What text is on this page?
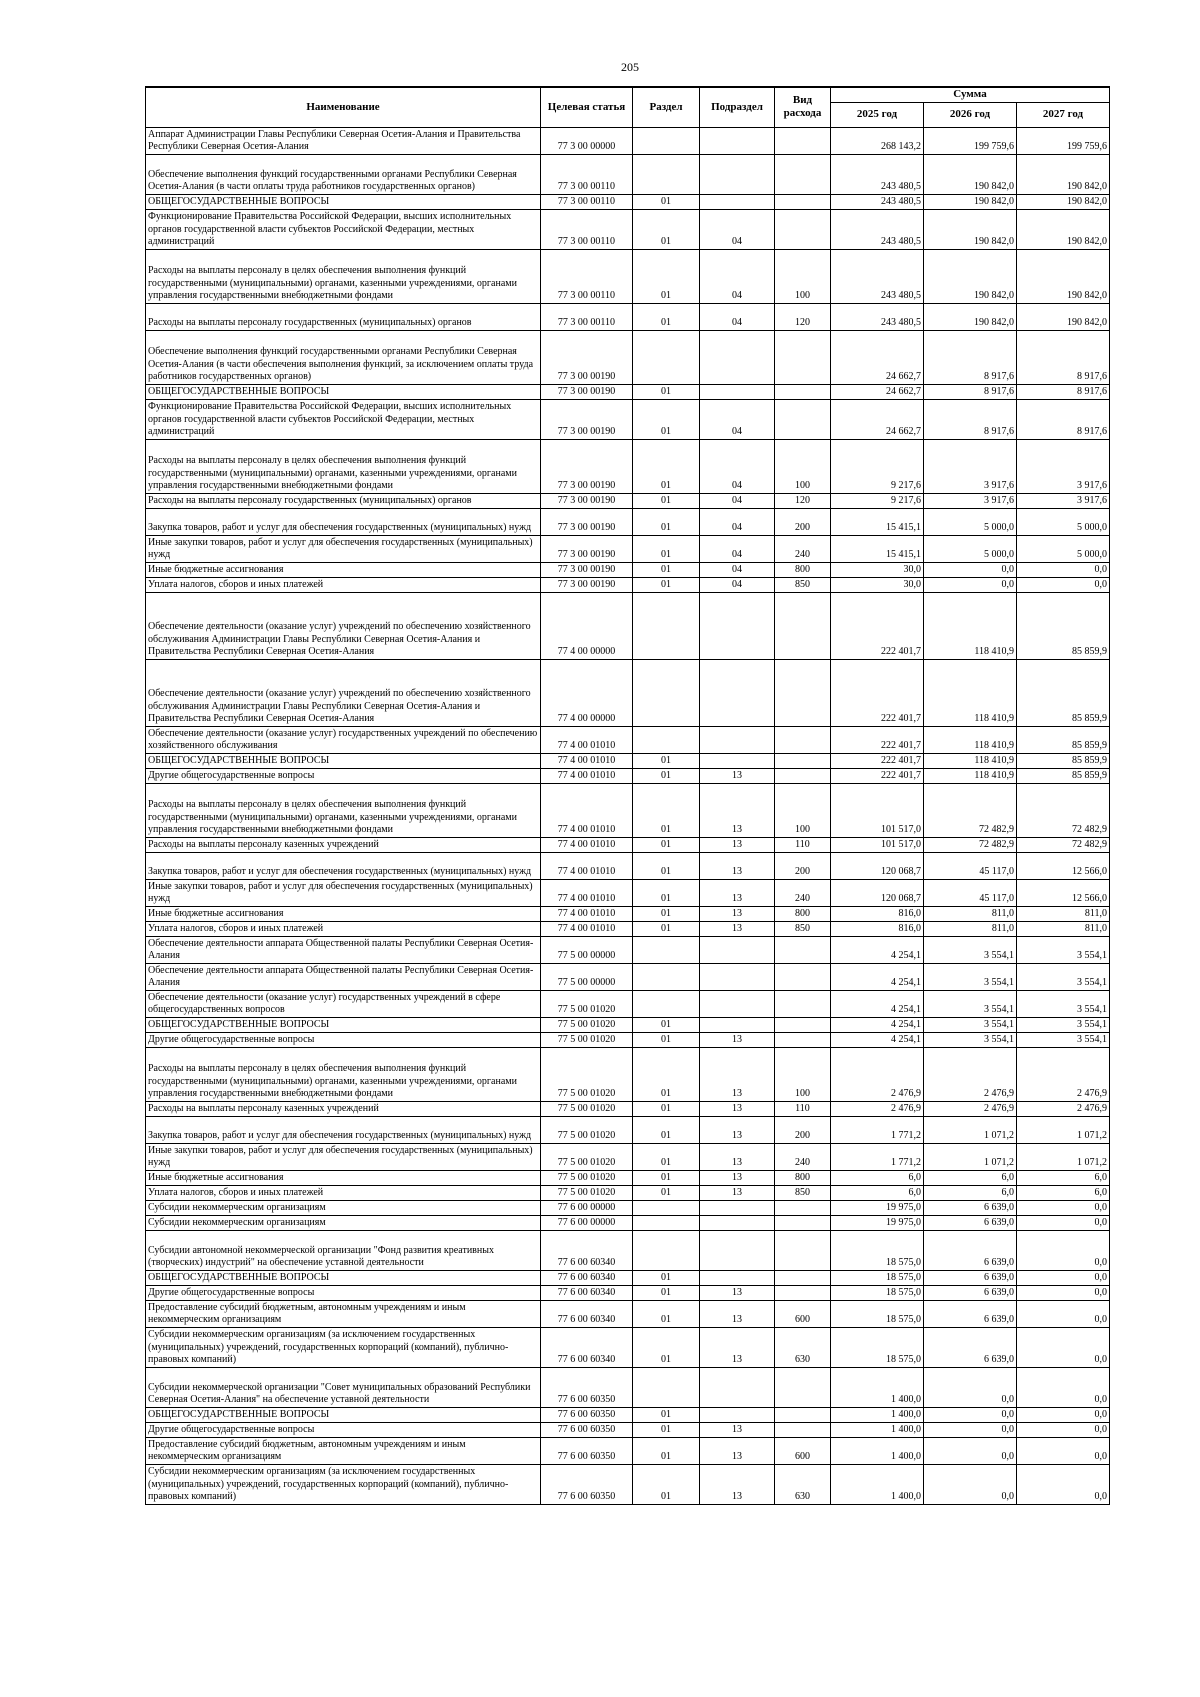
205
Наименование	Целевая статья	Раздел	Подраздел	Вид расхода	Сумма		
					2025 год	2026 год	2027 год
Аппарат Администрации Главы Республики Северная Осетия-Алания и Правительства Республики Северная Осетия-Алания	77 3 00 00000				268 143,2	199 759,6	199 759,6
Обеспечение выполнения функций государственными органами Республики Северная Осетия-Алания (в части оплаты труда работников государственных органов)	77 3 00 00110				243 480,5	190 842,0	190 842,0
ОБЩЕГОСУДАРСТВЕННЫЕ ВОПРОСЫ	77 3 00 00110	01			243 480,5	190 842,0	190 842,0
Функционирование Правительства Российской Федерации, высших исполнительных органов государственной власти субъектов Российской Федерации, местных администраций	77 3 00 00110	01	04		243 480,5	190 842,0	190 842,0
Расходы на выплаты персоналу в целях обеспечения выполнения функций государственными (муниципальными) органами, казенными учреждениями, органами управления государственными внебюджетными фондами	77 3 00 00110	01	04	100	243 480,5	190 842,0	190 842,0
Расходы на выплаты персоналу государственных (муниципальных) органов	77 3 00 00110	01	04	120	243 480,5	190 842,0	190 842,0
Обеспечение выполнения функций государственными органами Республики Северная Осетия-Алания (в части обеспечения выполнения функций, за исключением оплаты труда работников государственных органов)	77 3 00 00190				24 662,7	8 917,6	8 917,6
ОБЩЕГОСУДАРСТВЕННЫЕ ВОПРОСЫ	77 3 00 00190	01			24 662,7	8 917,6	8 917,6
Функционирование Правительства Российской Федерации, высших исполнительных органов государственной власти субъектов Российской Федерации, местных администраций	77 3 00 00190	01	04		24 662,7	8 917,6	8 917,6
Расходы на выплаты персоналу в целях обеспечения выполнения функций государственными (муниципальными) органами, казенными учреждениями, органами управления государственными внебюджетными фондами	77 3 00 00190	01	04	100	9 217,6	3 917,6	3 917,6
Расходы на выплаты персоналу государственных (муниципальных) органов	77 3 00 00190	01	04	120	9 217,6	3 917,6	3 917,6
Закупка товаров, работ и услуг для обеспечения государственных (муниципальных) нужд	77 3 00 00190	01	04	200	15 415,1	5 000,0	5 000,0
Иные закупки товаров, работ и услуг для обеспечения государственных (муниципальных) нужд	77 3 00 00190	01	04	240	15 415,1	5 000,0	5 000,0
Иные бюджетные ассигнования	77 3 00 00190	01	04	800	30,0	0,0	0,0
Уплата налогов, сборов и иных платежей	77 3 00 00190	01	04	850	30,0	0,0	0,0
Обеспечение деятельности (оказание услуг) учреждений по обеспечению хозяйственного обслуживания Администрации Главы Республики Северная Осетия-Алания и Правительства Республики Северная Осетия-Алания	77 4 00 00000				222 401,7	118 410,9	85 859,9
Обеспечение деятельности (оказание услуг) учреждений по обеспечению хозяйственного обслуживания Администрации Главы Республики Северная Осетия-Алания и Правительства Республики Северная Осетия-Алания	77 4 00 00000				222 401,7	118 410,9	85 859,9
Обеспечение деятельности (оказание услуг) государственных учреждений по обеспечению хозяйственного обслуживания	77 4 00 01010				222 401,7	118 410,9	85 859,9
ОБЩЕГОСУДАРСТВЕННЫЕ ВОПРОСЫ	77 4 00 01010	01			222 401,7	118 410,9	85 859,9
Другие общегосударственные вопросы	77 4 00 01010	01	13		222 401,7	118 410,9	85 859,9
Расходы на выплаты персоналу в целях обеспечения выполнения функций государственными (муниципальными) органами, казенными учреждениями, органами управления государственными внебюджетными фондами	77 4 00 01010	01	13	100	101 517,0	72 482,9	72 482,9
Расходы на выплаты персоналу казенных учреждений	77 4 00 01010	01	13	110	101 517,0	72 482,9	72 482,9
Закупка товаров, работ и услуг для обеспечения государственных (муниципальных) нужд	77 4 00 01010	01	13	200	120 068,7	45 117,0	12 566,0
Иные закупки товаров, работ и услуг для обеспечения государственных (муниципальных) нужд	77 4 00 01010	01	13	240	120 068,7	45 117,0	12 566,0
Иные бюджетные ассигнования	77 4 00 01010	01	13	800	816,0	811,0	811,0
Уплата налогов, сборов и иных платежей	77 4 00 01010	01	13	850	816,0	811,0	811,0
Обеспечение деятельности аппарата Общественной палаты Республики Северная Осетия-Алания	77 5 00 00000				4 254,1	3 554,1	3 554,1
Обеспечение деятельности аппарата Общественной палаты Республики Северная Осетия-Алания	77 5 00 00000				4 254,1	3 554,1	3 554,1
Обеспечение деятельности (оказание услуг) государственных учреждений в сфере общегосударственных вопросов	77 5 00 01020				4 254,1	3 554,1	3 554,1
ОБЩЕГОСУДАРСТВЕННЫЕ ВОПРОСЫ	77 5 00 01020	01			4 254,1	3 554,1	3 554,1
Другие общегосударственные вопросы	77 5 00 01020	01	13		4 254,1	3 554,1	3 554,1
Расходы на выплаты персоналу в целях обеспечения выполнения функций государственными (муниципальными) органами, казенными учреждениями, органами управления государственными внебюджетными фондами	77 5 00 01020	01	13	100	2 476,9	2 476,9	2 476,9
Расходы на выплаты персоналу казенных учреждений	77 5 00 01020	01	13	110	2 476,9	2 476,9	2 476,9
Закупка товаров, работ и услуг для обеспечения государственных (муниципальных) нужд	77 5 00 01020	01	13	200	1 771,2	1 071,2	1 071,2
Иные закупки товаров, работ и услуг для обеспечения государственных (муниципальных) нужд	77 5 00 01020	01	13	240	1 771,2	1 071,2	1 071,2
Иные бюджетные ассигнования	77 5 00 01020	01	13	800	6,0	6,0	6,0
Уплата налогов, сборов и иных платежей	77 5 00 01020	01	13	850	6,0	6,0	6,0
Субсидии некоммерческим организациям	77 6 00 00000				19 975,0	6 639,0	0,0
Субсидии некоммерческим организациям	77 6 00 00000				19 975,0	6 639,0	0,0
Субсидии автономной некоммерческой организации "Фонд развития креативных (творческих) индустрий" на обеспечение уставной деятельности	77 6 00 60340				18 575,0	6 639,0	0,0
ОБЩЕГОСУДАРСТВЕННЫЕ ВОПРОСЫ	77 6 00 60340	01			18 575,0	6 639,0	0,0
Другие общегосударственные вопросы	77 6 00 60340	01	13		18 575,0	6 639,0	0,0
Предоставление субсидий бюджетным, автономным учреждениям и иным некоммерческим организациям	77 6 00 60340	01	13	600	18 575,0	6 639,0	0,0
Субсидии некоммерческим организациям (за исключением государственных (муниципальных) учреждений, государственных корпораций (компаний), публично-правовых компаний)	77 6 00 60340	01	13	630	18 575,0	6 639,0	0,0
Субсидии некоммерческой организации "Совет муниципальных образований Республики Северная Осетия-Алания" на обеспечение уставной деятельности	77 6 00 60350				1 400,0	0,0	0,0
ОБЩЕГОСУДАРСТВЕННЫЕ ВОПРОСЫ	77 6 00 60350	01			1 400,0	0,0	0,0
Другие общегосударственные вопросы	77 6 00 60350	01	13		1 400,0	0,0	0,0
Предоставление субсидий бюджетным, автономным учреждениям и иным некоммерческим организациям	77 6 00 60350	01	13	600	1 400,0	0,0	0,0
Субсидии некоммерческим организациям (за исключением государственных (муниципальных) учреждений, государственных корпораций (компаний), публично-правовых компаний)	77 6 00 60350	01	13	630	1 400,0	0,0	0,0
